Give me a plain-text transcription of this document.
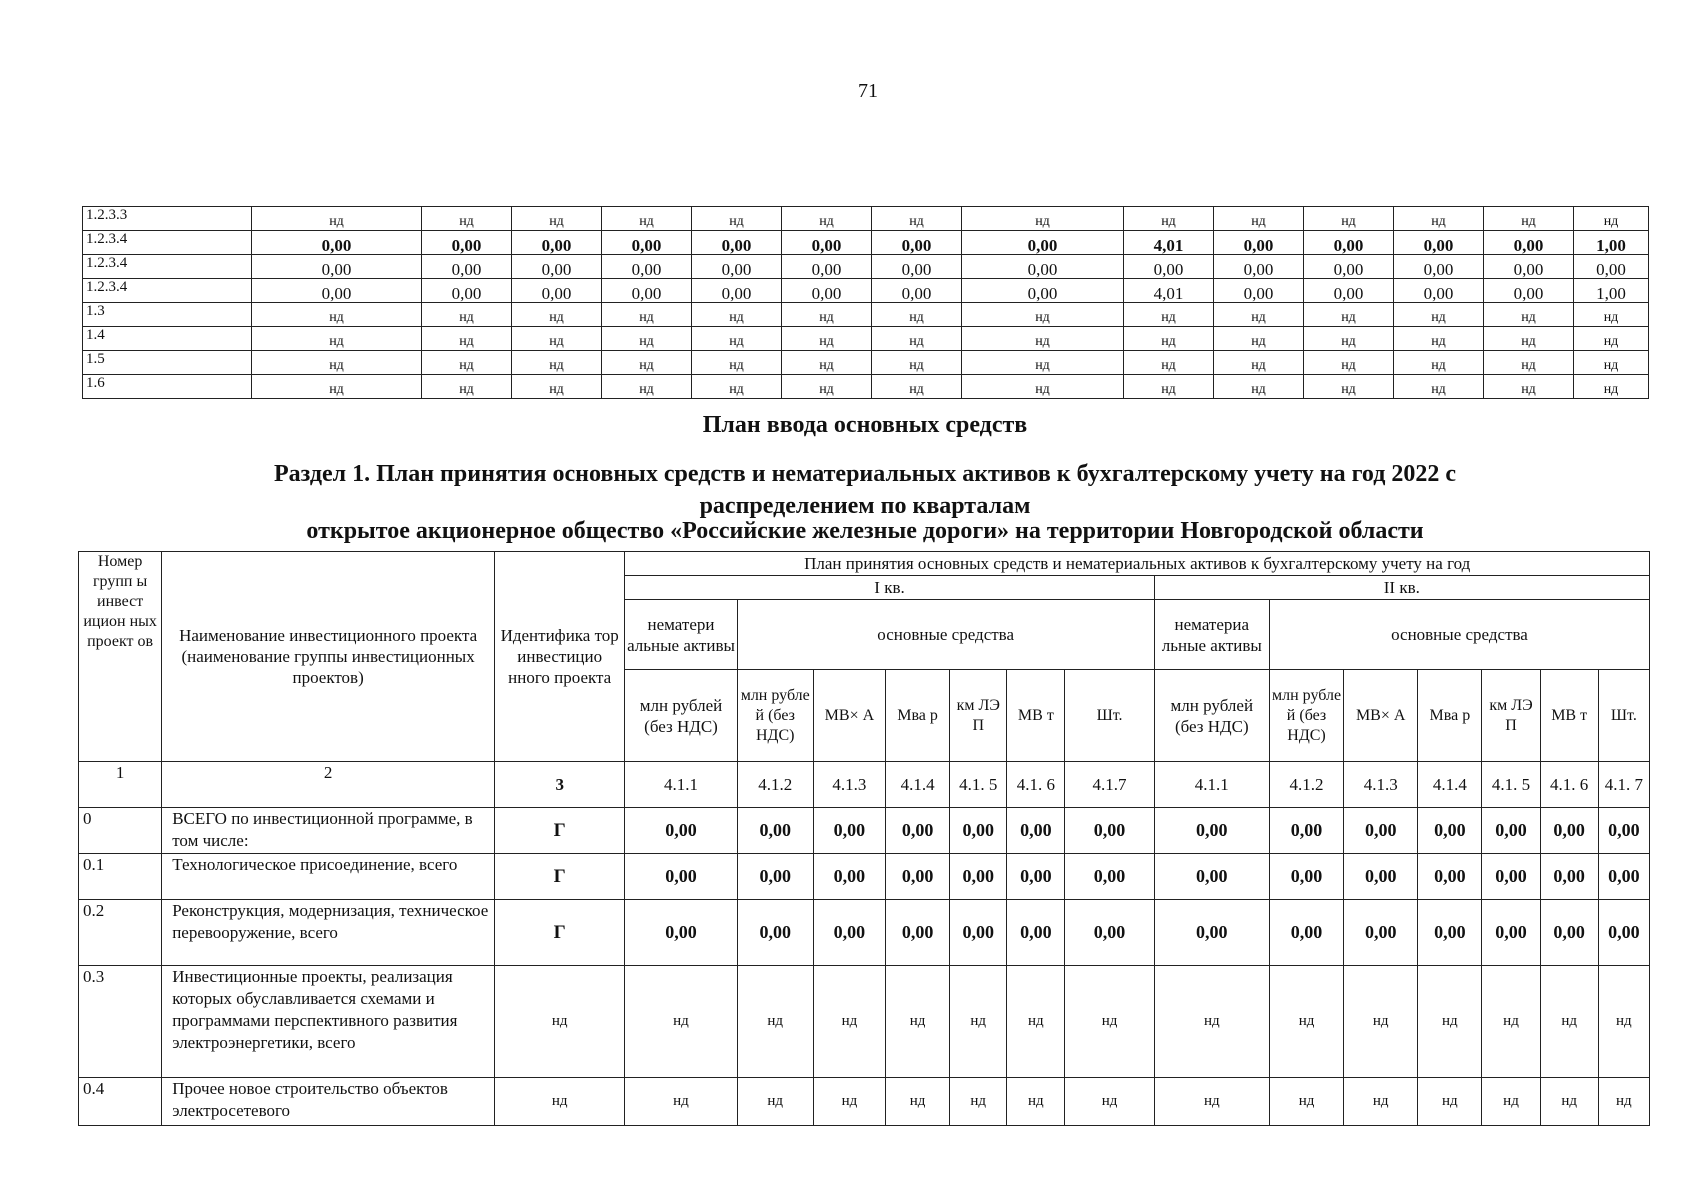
71
1.2.3.3	нд	нд	нд	нд	нд	нд	нд	нд	нд	нд	нд	нд	нд	нд
1.2.3.4	0,00	0,00	0,00	0,00	0,00	0,00	0,00	0,00	4,01	0,00	0,00	0,00	0,00	1,00
1.2.3.4	0,00	0,00	0,00	0,00	0,00	0,00	0,00	0,00	0,00	0,00	0,00	0,00	0,00	0,00
1.2.3.4	0,00	0,00	0,00	0,00	0,00	0,00	0,00	0,00	4,01	0,00	0,00	0,00	0,00	1,00
1.3	нд	нд	нд	нд	нд	нд	нд	нд	нд	нд	нд	нд	нд	нд
1.4	нд	нд	нд	нд	нд	нд	нд	нд	нд	нд	нд	нд	нд	нд
1.5	нд	нд	нд	нд	нд	нд	нд	нд	нд	нд	нд	нд	нд	нд
1.6	нд	нд	нд	нд	нд	нд	нд	нд	нд	нд	нд	нд	нд	нд
План ввода основных средств
Раздел 1. План принятия основных средств и нематериальных активов к бухгалтерскому учету на год 2022 с
распределением по кварталам
открытое акционерное общество «Российские железные дороги» на территории Новгородской области
Номер групп ы инвест ицион ных проект ов	Наименование инвестиционного проекта (наименование группы инвестиционных проектов)	Идентифика тор инвестицио нного проекта	План принятия основных средств и нематериальных активов к бухгалтерскому учету на год													
			I кв.							II кв.						
			нематери альные активы	основные средства						нематериа льные активы	основные средства					
			млн рублей (без НДС)	млн рубле й (без НДС)	МВ× А	Мва р	км ЛЭ П	МВ т	Шт.	млн рублей (без НДС)	млн рубле й (без НДС)	МВ× А	Мва р	км ЛЭ П	МВ т	Шт.
1	2	3	4.1.1	4.1.2	4.1.3	4.1.4	4.1. 5	4.1. 6	4.1.7	4.1.1	4.1.2	4.1.3	4.1.4	4.1. 5	4.1. 6	4.1. 7
0	ВСЕГО по инвестиционной программе, в том числе:	Г	0,00	0,00	0,00	0,00	0,00	0,00	0,00	0,00	0,00	0,00	0,00	0,00	0,00	0,00
0.1	Технологическое присоединение, всего	Г	0,00	0,00	0,00	0,00	0,00	0,00	0,00	0,00	0,00	0,00	0,00	0,00	0,00	0,00
0.2	Реконструкция, модернизация, техническое перевооружение, всего	Г	0,00	0,00	0,00	0,00	0,00	0,00	0,00	0,00	0,00	0,00	0,00	0,00	0,00	0,00
0.3	Инвестиционные проекты, реализация которых обуславливается схемами и программами перспективного развития электроэнергетики, всего	нд	нд	нд	нд	нд	нд	нд	нд	нд	нд	нд	нд	нд	нд	нд
0.4	Прочее новое строительство объектов электросетевого	нд	нд	нд	нд	нд	нд	нд	нд	нд	нд	нд	нд	нд	нд	нд
